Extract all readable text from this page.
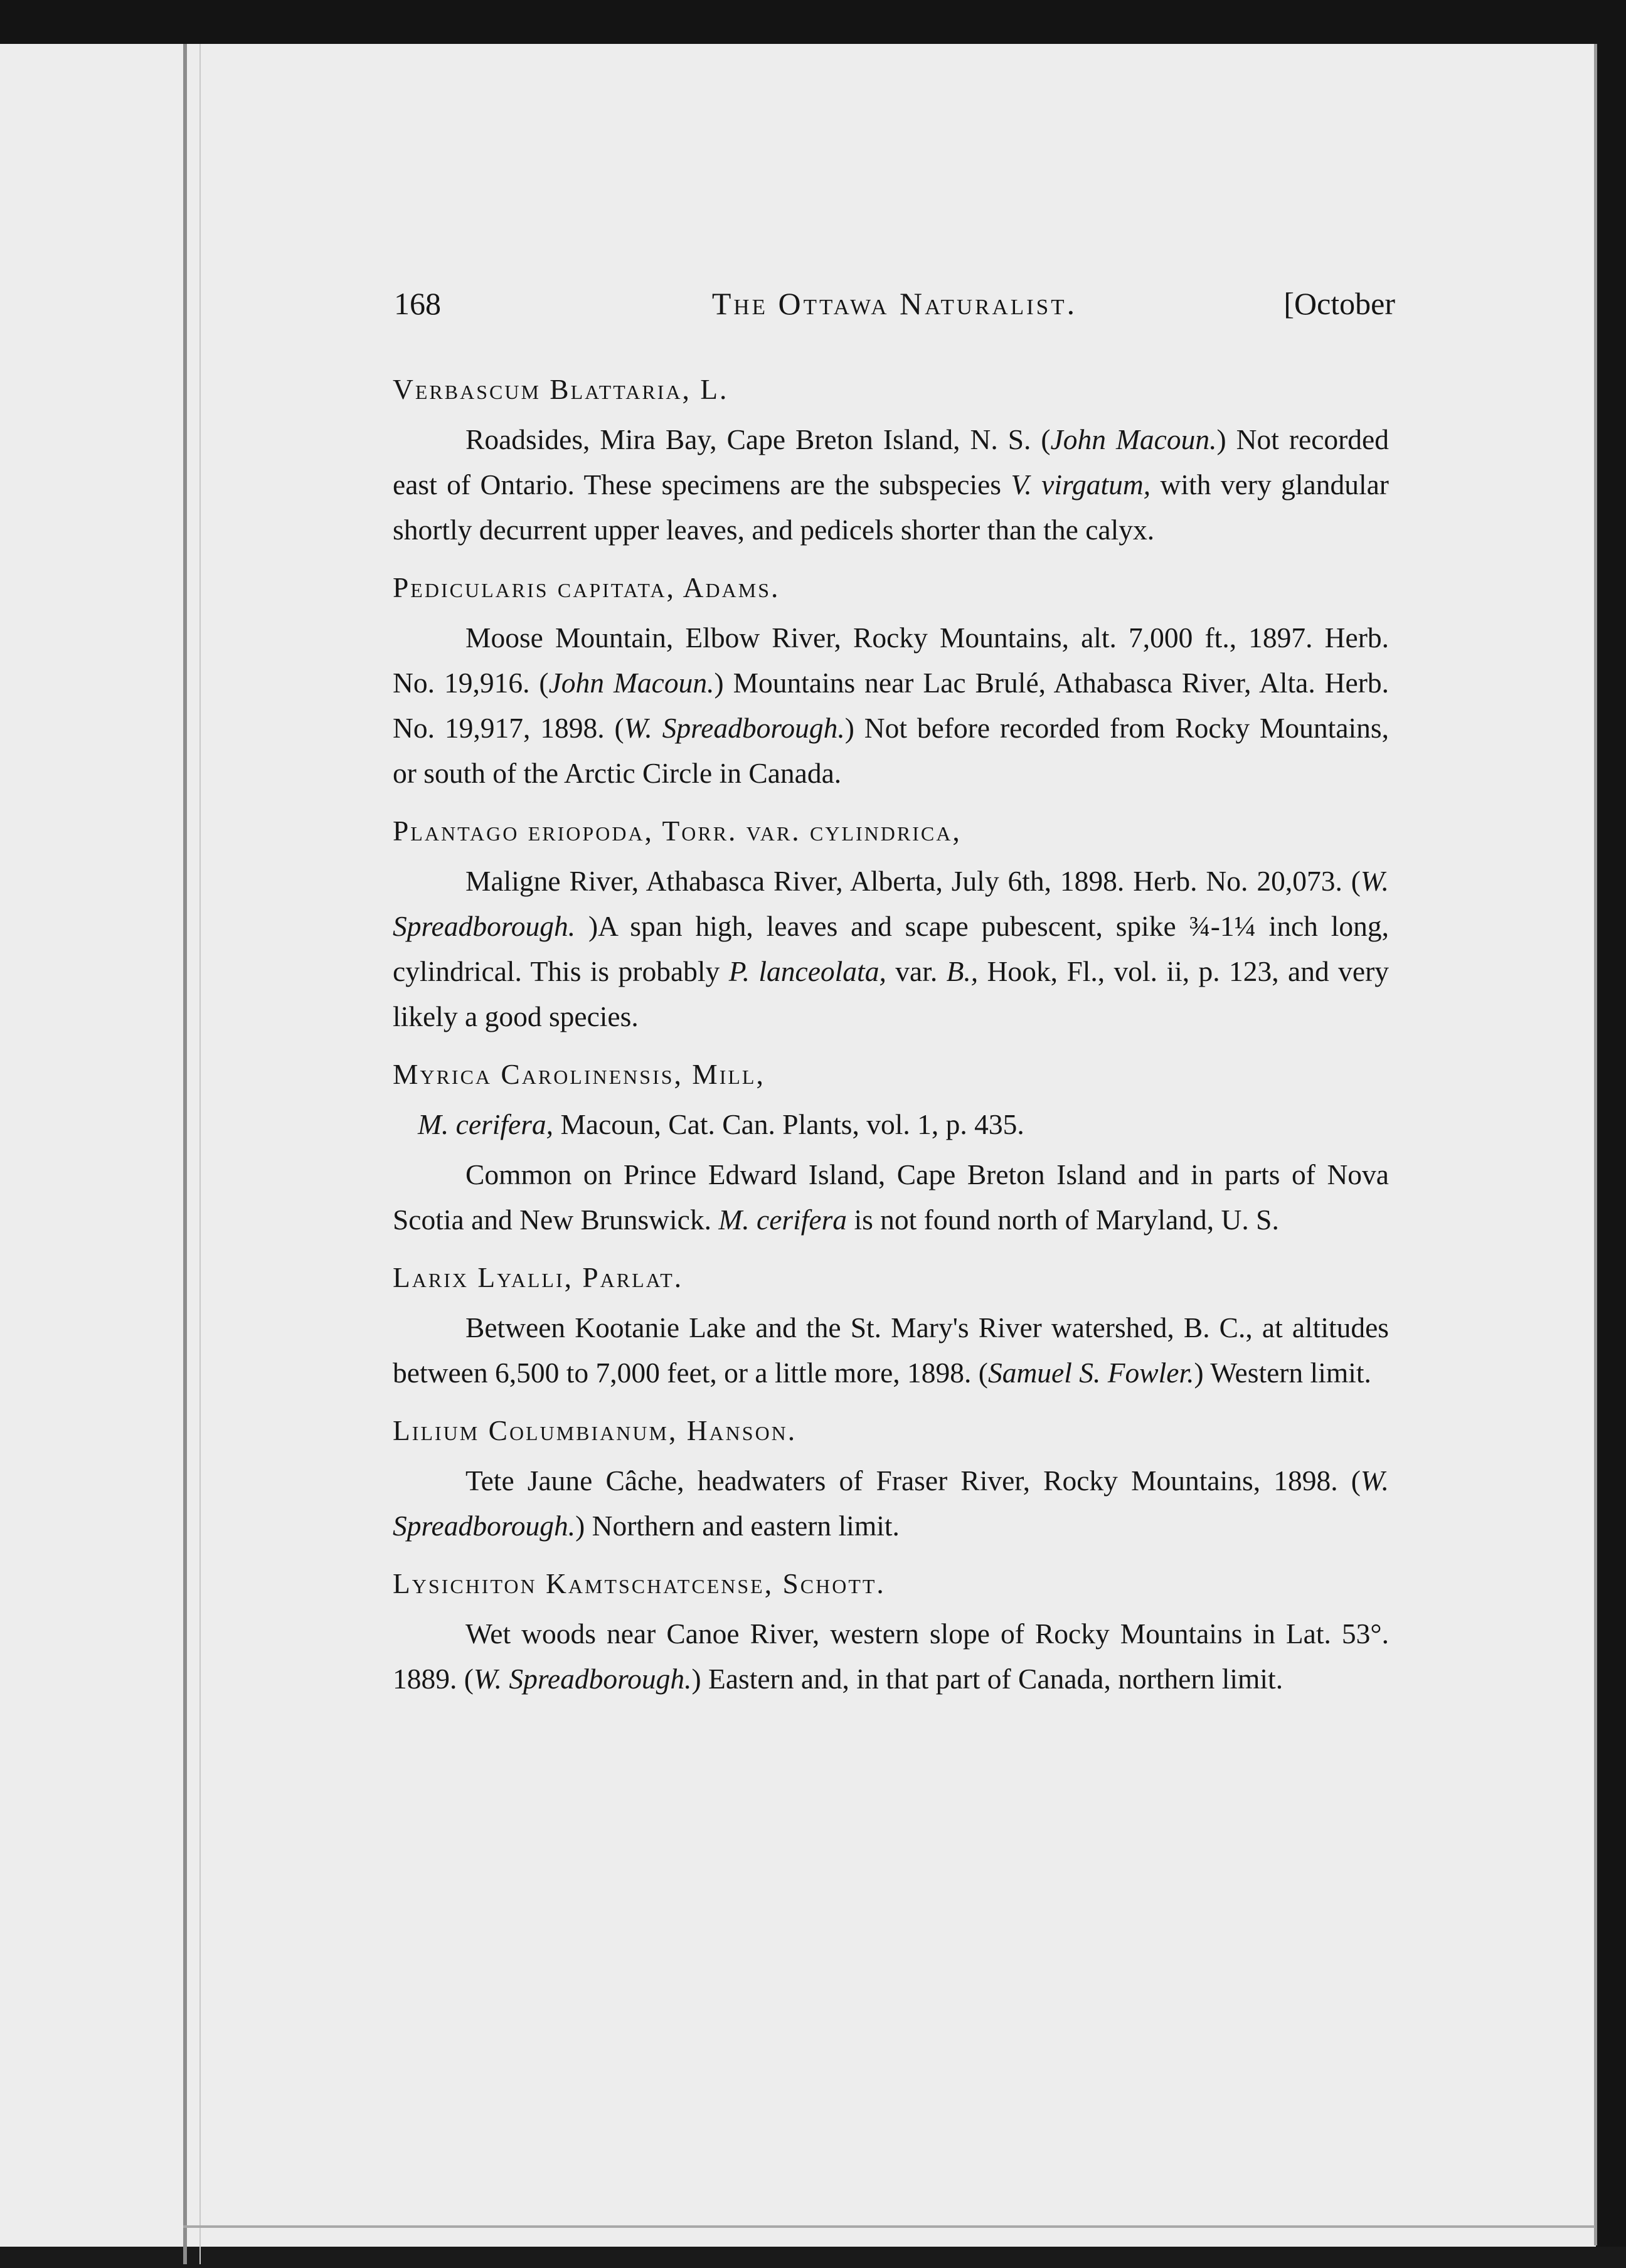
168	The Ottawa Naturalist.	[October
Verbascum Blattaria, L.

Roadsides, Mira Bay, Cape Breton Island, N. S. (John Macoun.) Not recorded east of Ontario. These specimens are the subspecies V. virgatum, with very glandular shortly decurrent upper leaves, and pedicels shorter than the calyx.

Pedicularis capitata, Adams.

Moose Mountain, Elbow River, Rocky Mountains, alt. 7,000 ft., 1897. Herb. No. 19,916. (John Macoun.) Mountains near Lac Brulé, Athabasca River, Alta. Herb. No. 19,917, 1898. (W. Spreadborough.) Not before recorded from Rocky Mountains, or south of the Arctic Circle in Canada.

Plantago eriopoda, Torr. var. cylindrica,

Maligne River, Athabasca River, Alberta, July 6th, 1898. Herb. No. 20,073. (W. Spreadborough. )A span high, leaves and scape pubescent, spike ¾-1¼ inch long, cylindrical. This is probably P. lanceolata, var. B., Hook, Fl., vol. ii, p. 123, and very likely a good species.

Myrica Carolinensis, Mill,

M. cerifera, Macoun, Cat. Can. Plants, vol. 1, p. 435.

Common on Prince Edward Island, Cape Breton Island and in parts of Nova Scotia and New Brunswick. M. cerifera is not found north of Maryland, U. S.

Larix Lyalli, Parlat.

Between Kootanie Lake and the St. Mary's River watershed, B. C., at altitudes between 6,500 to 7,000 feet, or a little more, 1898. (Samuel S. Fowler.) Western limit.

Lilium Columbianum, Hanson.

Tete Jaune Câche, headwaters of Fraser River, Rocky Mountains, 1898. (W. Spreadborough.) Northern and eastern limit.

Lysichiton Kamtschatcense, Schott.

Wet woods near Canoe River, western slope of Rocky Mountains in Lat. 53°. 1889. (W. Spreadborough.) Eastern and, in that part of Canada, northern limit.
